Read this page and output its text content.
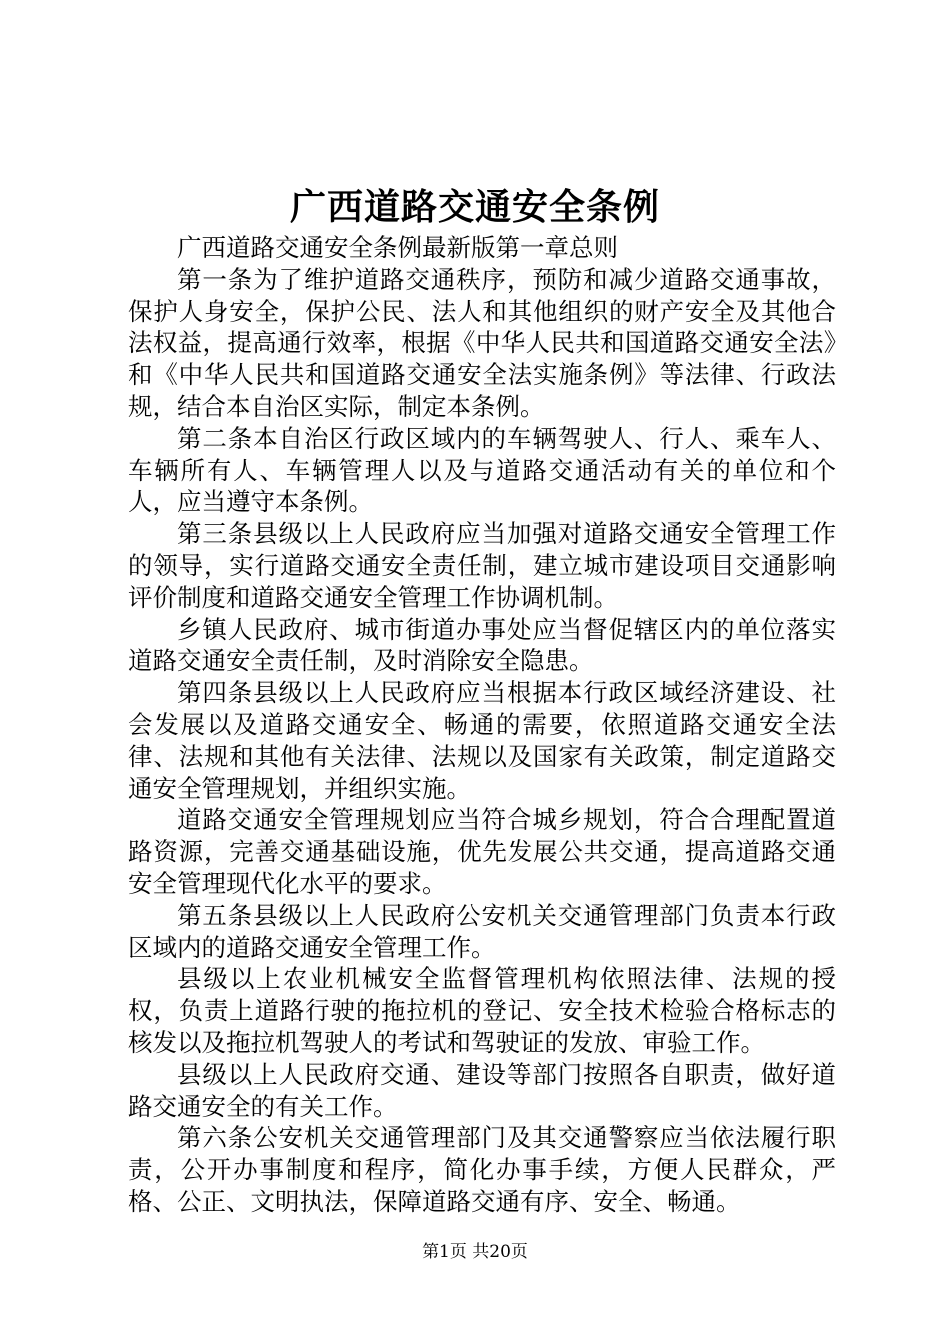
广西道路交通安全条例

广西道路交通安全条例最新版第一章总则

第一条为了维护道路交通秩序，预防和减少道路交通事故，保护人身安全，保护公民、法人和其他组织的财产安全及其他合法权益，提高通行效率，根据《中华人民共和国道路交通安全法》和《中华人民共和国道路交通安全法实施条例》等法律、行政法规，结合本自治区实际，制定本条例。

第二条本自治区行政区域内的车辆驾驶人、行人、乘车人、车辆所有人、车辆管理人以及与道路交通活动有关的单位和个人，应当遵守本条例。

第三条县级以上人民政府应当加强对道路交通安全管理工作的领导，实行道路交通安全责任制，建立城市建设项目交通影响评价制度和道路交通安全管理工作协调机制。

乡镇人民政府、城市街道办事处应当督促辖区内的单位落实道路交通安全责任制，及时消除安全隐患。

第四条县级以上人民政府应当根据本行政区域经济建设、社会发展以及道路交通安全、畅通的需要，依照道路交通安全法律、法规和其他有关法律、法规以及国家有关政策，制定道路交通安全管理规划，并组织实施。

道路交通安全管理规划应当符合城乡规划，符合合理配置道路资源，完善交通基础设施，优先发展公共交通，提高道路交通安全管理现代化水平的要求。

第五条县级以上人民政府公安机关交通管理部门负责本行政区域内的道路交通安全管理工作。

县级以上农业机械安全监督管理机构依照法律、法规的授权，负责上道路行驶的拖拉机的登记、安全技术检验合格标志的核发以及拖拉机驾驶人的考试和驾驶证的发放、审验工作。

县级以上人民政府交通、建设等部门按照各自职责，做好道路交通安全的有关工作。

第六条公安机关交通管理部门及其交通警察应当依法履行职责，公开办事制度和程序，简化办事手续，方便人民群众，严格、公正、文明执法，保障道路交通有序、安全、畅通。

第1页 共20页
